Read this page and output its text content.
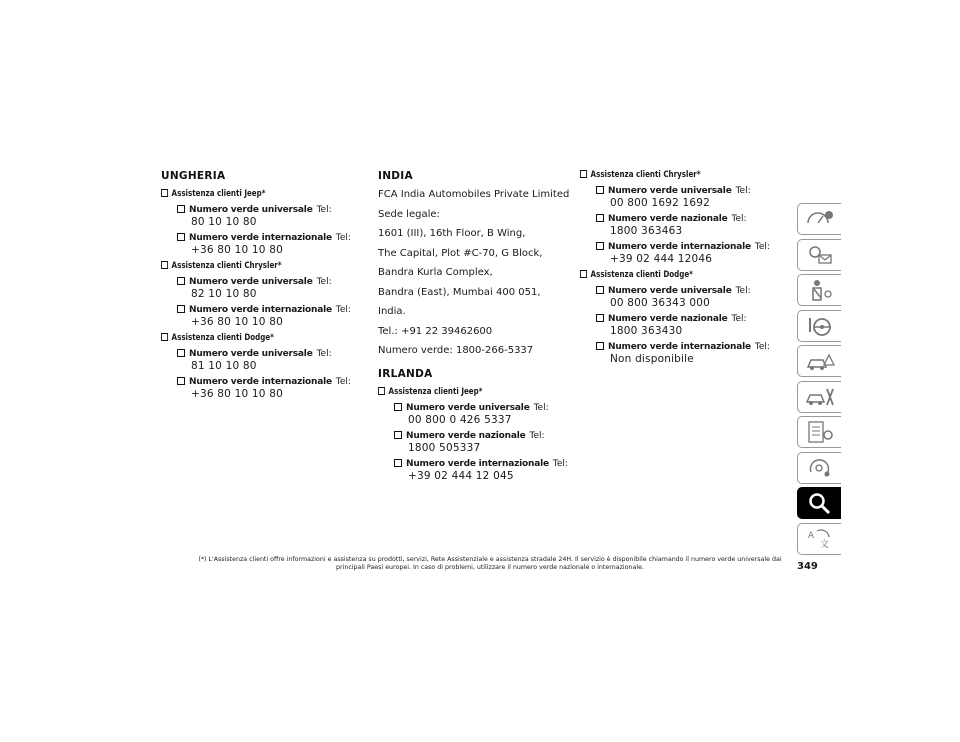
UNGHERIA
Assistenza clienti Jeep*
Numero verde universale Tel:
80 10 10 80
Numero verde internazionale Tel:
+36 80 10 10 80
Assistenza clienti Chrysler*
Numero verde universale Tel:
82 10 10 80
Numero verde internazionale Tel:
+36 80 10 10 80
Assistenza clienti Dodge*
Numero verde universale Tel:
81 10 10 80
Numero verde internazionale Tel:
+36 80 10 10 80
INDIA
FCA India Automobiles Private Limited
Sede legale:
1601 (III), 16th Floor, B Wing,
The Capital, Plot #C-70, G Block,
Bandra Kurla Complex,
Bandra (East), Mumbai 400 051,
India.
Tel.: +91 22 39462600
Numero verde: 1800-266-5337
IRLANDA
Assistenza clienti Jeep*
Numero verde universale Tel:
00 800 0 426 5337
Numero verde nazionale Tel:
1800 505337
Numero verde internazionale Tel:
+39 02 444 12 045
Assistenza clienti Chrysler*
Numero verde universale Tel:
00 800 1692 1692
Numero verde nazionale Tel:
1800 363463
Numero verde internazionale Tel:
+39 02 444 12046
Assistenza clienti Dodge*
Numero verde universale Tel:
00 800 36343 000
Numero verde nazionale Tel:
1800 363430
Numero verde internazionale Tel:
Non disponibile
A
文
(*) L'Assistenza clienti offre informazioni e assistenza su prodotti, servizi, Rete Assistenziale e assistenza stradale 24H. Il servizio è disponibile chiamando il numero verde universale dai principali Paesi europei. In caso di problemi, utilizzare il numero verde nazionale o internazionale.	349
